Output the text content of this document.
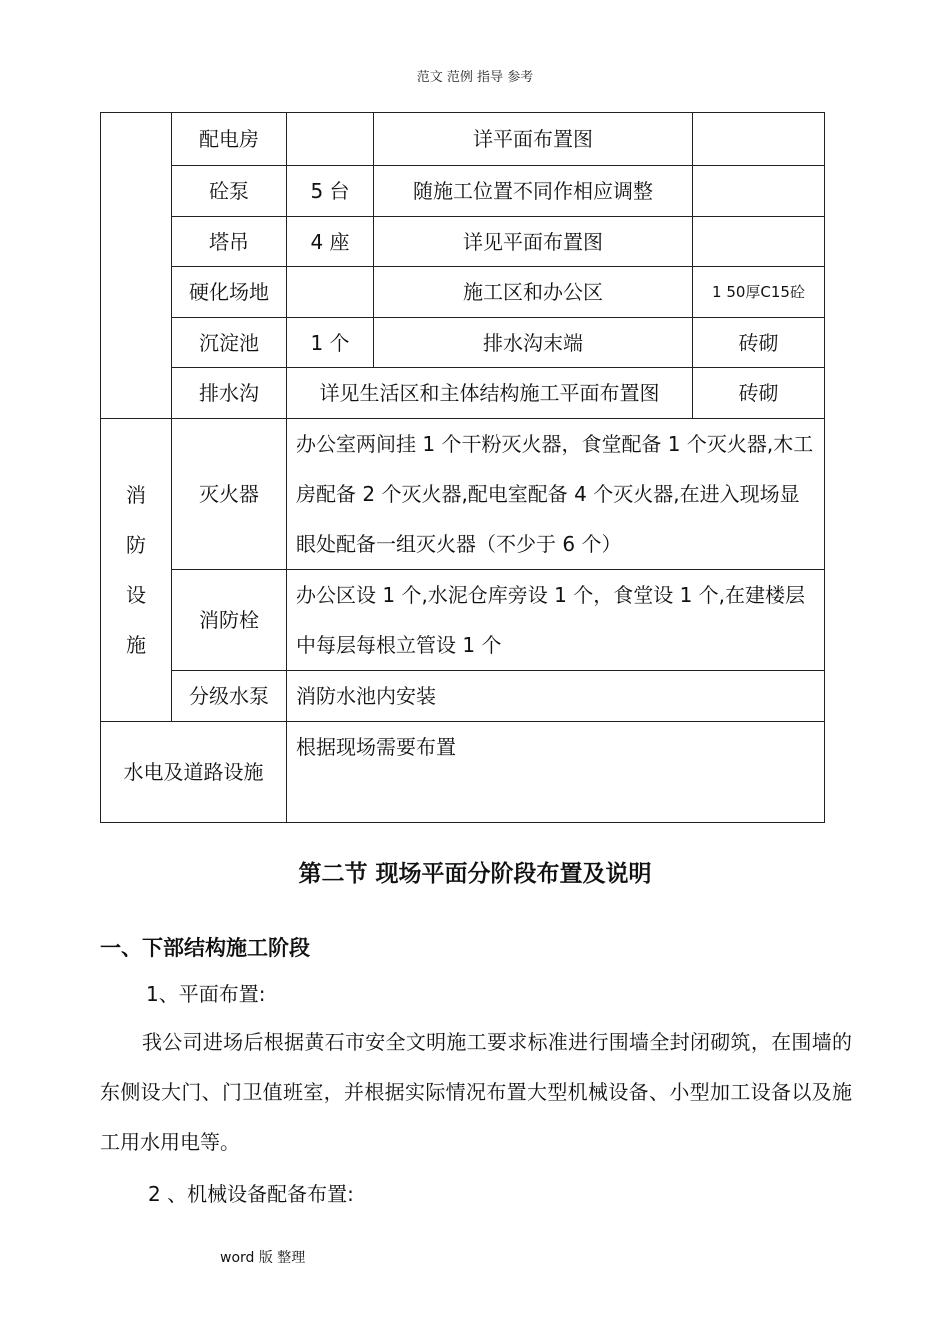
范文 范例 指导 参考
	配电房		详平面布置图	
	砼泵	5 台	随施工位置不同作相应调整	
	塔吊	4 座	详见平面布置图	
	硬化场地		施工区和办公区	1 50厚C15砼
	沉淀池	1 个	排水沟末端	砖砌
	排水沟	详见生活区和主体结构施工平面布置图		砖砌
消防设施	灭火器	办公室两间挂 1 个干粉灭火器，食堂配备 1 个灭火器,木工房配备 2 个灭火器,配电室配备 4 个灭火器,在进入现场显眼处配备一组灭火器（不少于 6 个）		
	消防栓	办公区设 1 个,水泥仓库旁设 1 个，食堂设 1 个,在建楼层中每层每根立管设 1 个		
	分级水泵	消防水池内安装		
水电及道路设施		根据现场需要布置		
第二节 现场平面分阶段布置及说明
一、下部结构施工阶段
1、平面布置:
我公司进场后根据黄石市安全文明施工要求标准进行围墙全封闭砌筑，在围墙的东侧设大门、门卫值班室，并根据实际情况布置大型机械设备、小型加工设备以及施工用水用电等。
2 、机械设备配备布置:
word 版 整理
